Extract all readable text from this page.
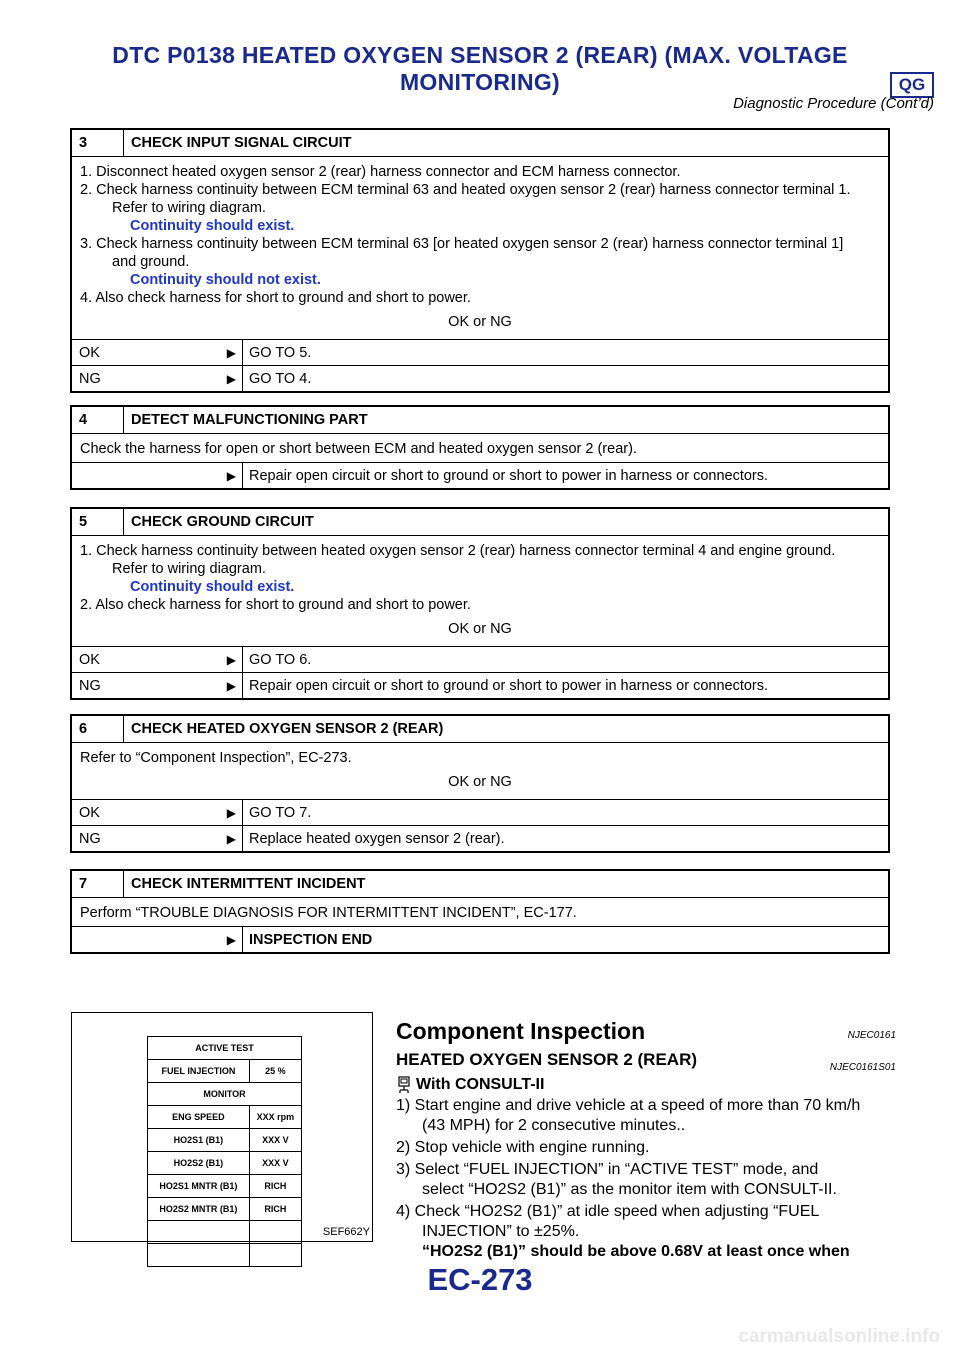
DTC P0138 HEATED OXYGEN SENSOR 2 (REAR) (MAX. VOLTAGE
MONITORING)	QG
Diagnostic Procedure (Cont’d)
3	CHECK INPUT SIGNAL CIRCUIT
1. Disconnect heated oxygen sensor 2 (rear) harness connector and ECM harness connector.
2. Check harness continuity between ECM terminal 63 and heated oxygen sensor 2 (rear) harness connector terminal 1.
Refer to wiring diagram.
Continuity should exist.
3. Check harness continuity between ECM terminal 63 [or heated oxygen sensor 2 (rear) harness connector terminal 1]
and ground.
Continuity should not exist.
4. Also check harness for short to ground and short to power.
OK or NG
OK	▶ GO TO 5.
NG	▶ GO TO 4.
4	DETECT MALFUNCTIONING PART
Check the harness for open or short between ECM and heated oxygen sensor 2 (rear).
▶ Repair open circuit or short to ground or short to power in harness or connectors.
5	CHECK GROUND CIRCUIT
1. Check harness continuity between heated oxygen sensor 2 (rear) harness connector terminal 4 and engine ground.
Refer to wiring diagram.
Continuity should exist.
2. Also check harness for short to ground and short to power.
OK or NG
OK	▶ GO TO 6.
NG	▶ Repair open circuit or short to ground or short to power in harness or connectors.
6	CHECK HEATED OXYGEN SENSOR 2 (REAR)
Refer to “Component Inspection”, EC-273.
OK or NG
OK	▶ GO TO 7.
NG	▶ Replace heated oxygen sensor 2 (rear).
7	CHECK INTERMITTENT INCIDENT
Perform “TROUBLE DIAGNOSIS FOR INTERMITTENT INCIDENT”, EC-177.
▶ INSPECTION END
ACTIVE TEST	
FUEL INJECTION	25 %
MONITOR	
ENG SPEED	XXX rpm
HO2S1 (B1)	XXX V
HO2S2 (B1)	XXX V
HO2S1 MNTR (B1)	RICH
HO2S2 MNTR (B1)	RICH

SEF662Y
Component Inspection	NJEC0161
HEATED OXYGEN SENSOR 2 (REAR)	NJEC0161S01
With CONSULT-II
1) Start engine and drive vehicle at a speed of more than 70 km/h
(43 MPH) for 2 consecutive minutes..
2) Stop vehicle with engine running.
3) Select “FUEL INJECTION” in “ACTIVE TEST” mode, and
select “HO2S2 (B1)” as the monitor item with CONSULT-II.
4) Check “HO2S2 (B1)” at idle speed when adjusting “FUEL
INJECTION” to ±25%.
“HO2S2 (B1)” should be above 0.68V at least once when
EC-273
carmanualsonline.info
